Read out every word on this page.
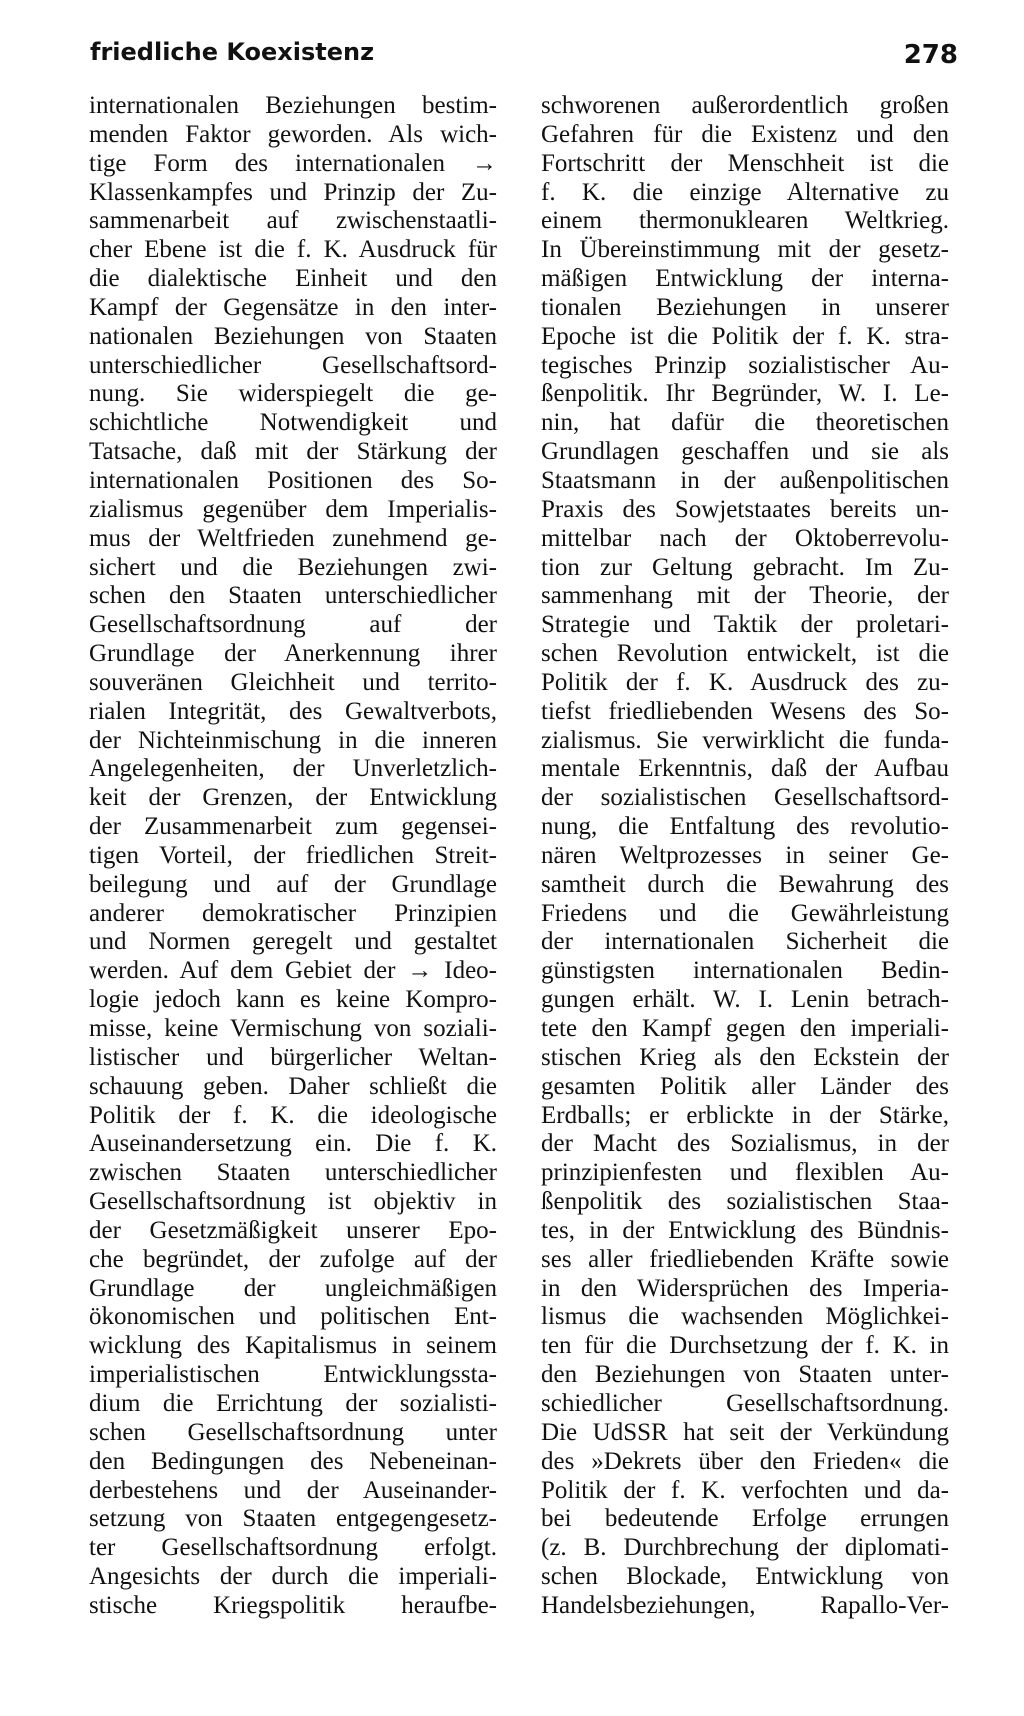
friedliche Koexistenz	278
internationalen Beziehungen bestim-
menden Faktor geworden. Als wich-
tige Form des internationalen →
Klassenkampfes und Prinzip der Zu-
sammenarbeit auf zwischenstaatli-
cher Ebene ist die f. K. Ausdruck für
die dialektische Einheit und den
Kampf der Gegensätze in den inter-
nationalen Beziehungen von Staaten
unterschiedlicher Gesellschaftsord-
nung. Sie widerspiegelt die ge-
schichtliche Notwendigkeit und
Tatsache, daß mit der Stärkung der
internationalen Positionen des So-
zialismus gegenüber dem Imperialis-
mus der Weltfrieden zunehmend ge-
sichert und die Beziehungen zwi-
schen den Staaten unterschiedlicher
Gesellschaftsordnung auf der
Grundlage der Anerkennung ihrer
souveränen Gleichheit und territo-
rialen Integrität, des Gewaltverbots,
der Nichteinmischung in die inneren
Angelegenheiten, der Unverletzlich-
keit der Grenzen, der Entwicklung
der Zusammenarbeit zum gegensei-
tigen Vorteil, der friedlichen Streit-
beilegung und auf der Grundlage
anderer demokratischer Prinzipien
und Normen geregelt und gestaltet
werden. Auf dem Gebiet der → Ideo-
logie jedoch kann es keine Kompro-
misse, keine Vermischung von soziali-
listischer und bürgerlicher Weltan-
schauung geben. Daher schließt die
Politik der f. K. die ideologische
Auseinandersetzung ein. Die f. K.
zwischen Staaten unterschiedlicher
Gesellschaftsordnung ist objektiv in
der Gesetzmäßigkeit unserer Epo-
che begründet, der zufolge auf der
Grundlage der ungleichmäßigen
ökonomischen und politischen Ent-
wicklung des Kapitalismus in seinem
imperialistischen Entwicklungssta-
dium die Errichtung der sozialisti-
schen Gesellschaftsordnung unter
den Bedingungen des Nebeneinan-
derbestehens und der Auseinander-
setzung von Staaten entgegengesetz-
ter Gesellschaftsordnung erfolgt.
Angesichts der durch die imperiali-
stische Kriegspolitik heraufbe-
schworenen außerordentlich großen
Gefahren für die Existenz und den
Fortschritt der Menschheit ist die
f. K. die einzige Alternative zu
einem thermonuklearen Weltkrieg.
In Übereinstimmung mit der gesetz-
mäßigen Entwicklung der interna-
tionalen Beziehungen in unserer
Epoche ist die Politik der f. K. stra-
tegisches Prinzip sozialistischer Au-
ßenpolitik. Ihr Begründer, W. I. Le-
nin, hat dafür die theoretischen
Grundlagen geschaffen und sie als
Staatsmann in der außenpolitischen
Praxis des Sowjetstaates bereits un-
mittelbar nach der Oktoberrevolu-
tion zur Geltung gebracht. Im Zu-
sammenhang mit der Theorie, der
Strategie und Taktik der proletari-
schen Revolution entwickelt, ist die
Politik der f. K. Ausdruck des zu-
tiefst friedliebenden Wesens des So-
zialismus. Sie verwirklicht die funda-
mentale Erkenntnis, daß der Aufbau
der sozialistischen Gesellschaftsord-
nung, die Entfaltung des revolutio-
nären Weltprozesses in seiner Ge-
samtheit durch die Bewahrung des
Friedens und die Gewährleistung
der internationalen Sicherheit die
günstigsten internationalen Bedin-
gungen erhält. W. I. Lenin betrach-
tete den Kampf gegen den imperiali-
stischen Krieg als den Eckstein der
gesamten Politik aller Länder des
Erdballs; er erblickte in der Stärke,
der Macht des Sozialismus, in der
prinzipienfesten und flexiblen Au-
ßenpolitik des sozialistischen Staa-
tes, in der Entwicklung des Bündnis-
ses aller friedliebenden Kräfte sowie
in den Widersprüchen des Imperia-
lismus die wachsenden Möglichkei-
ten für die Durchsetzung der f. K. in
den Beziehungen von Staaten unter-
schiedlicher Gesellschaftsordnung.
Die UdSSR hat seit der Verkündung
des »Dekrets über den Frieden« die
Politik der f. K. verfochten und da-
bei bedeutende Erfolge errungen
(z. B. Durchbrechung der diplomati-
schen Blockade, Entwicklung von
Handelsbeziehungen, Rapallo-Ver-
